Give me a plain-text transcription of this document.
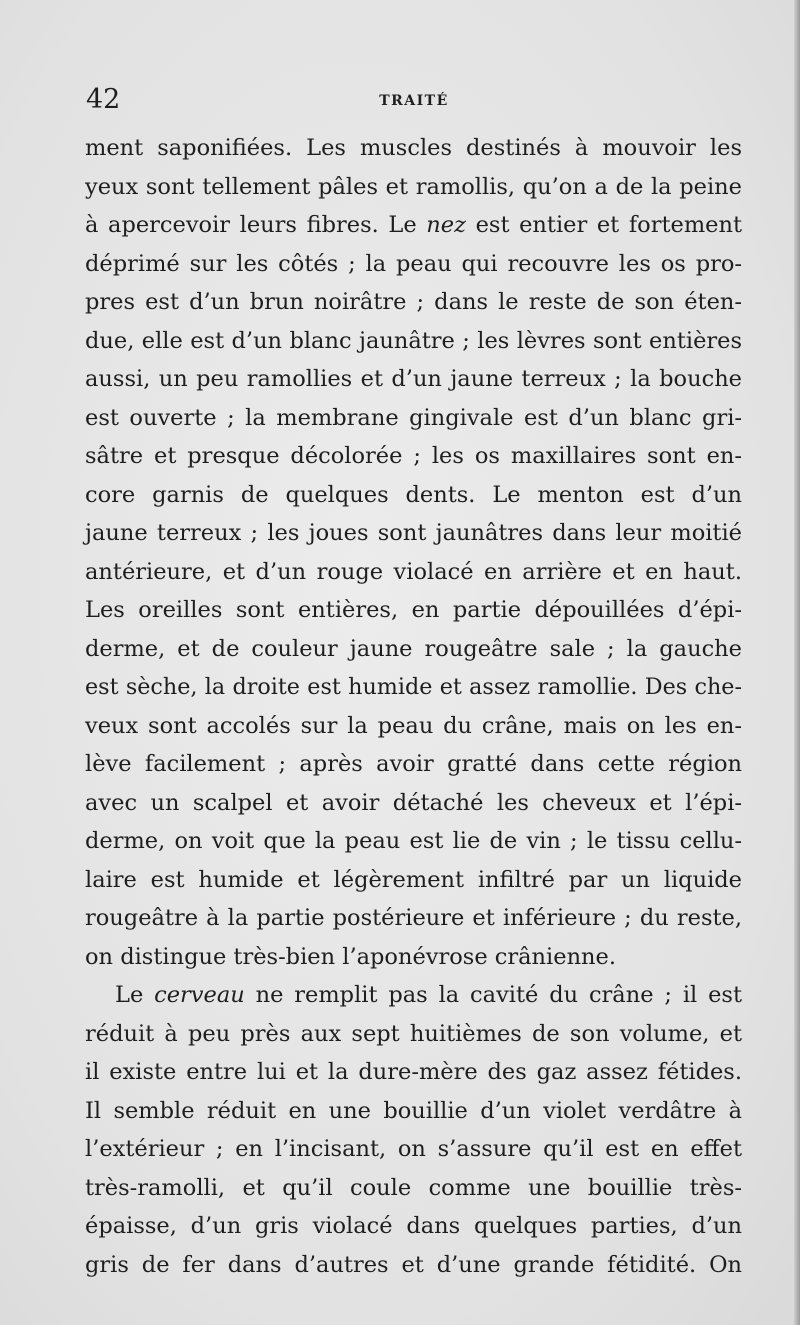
42	TRAITÉ
ment saponifiées. Les muscles destinés à mouvoir les
yeux sont tellement pâles et ramollis, qu’on a de la peine
à apercevoir leurs fibres. Le nez est entier et fortement
déprimé sur les côtés ; la peau qui recouvre les os pro-
pres est d’un brun noirâtre ; dans le reste de son éten-
due, elle est d’un blanc jaunâtre ; les lèvres sont entières
aussi, un peu ramollies et d’un jaune terreux ; la bouche
est ouverte ; la membrane gingivale est d’un blanc gri-
sâtre et presque décolorée ; les os maxillaires sont en-
core garnis de quelques dents. Le menton est d’un
jaune terreux ; les joues sont jaunâtres dans leur moitié
antérieure, et d’un rouge violacé en arrière et en haut.
Les oreilles sont entières, en partie dépouillées d’épi-
derme, et de couleur jaune rougeâtre sale ; la gauche
est sèche, la droite est humide et assez ramollie. Des che-
veux sont accolés sur la peau du crâne, mais on les en-
lève facilement ; après avoir gratté dans cette région
avec un scalpel et avoir détaché les cheveux et l’épi-
derme, on voit que la peau est lie de vin ; le tissu cellu-
laire est humide et légèrement infiltré par un liquide
rougeâtre à la partie postérieure et inférieure ; du reste,
on distingue très-bien l’aponévrose crânienne.
Le cerveau ne remplit pas la cavité du crâne ; il est
réduit à peu près aux sept huitièmes de son volume, et
il existe entre lui et la dure-mère des gaz assez fétides.
Il semble réduit en une bouillie d’un violet verdâtre à
l’extérieur ; en l’incisant, on s’assure qu’il est en effet
très-ramolli, et qu’il coule comme une bouillie très-
épaisse, d’un gris violacé dans quelques parties, d’un
gris de fer dans d’autres et d’une grande fétidité. On
